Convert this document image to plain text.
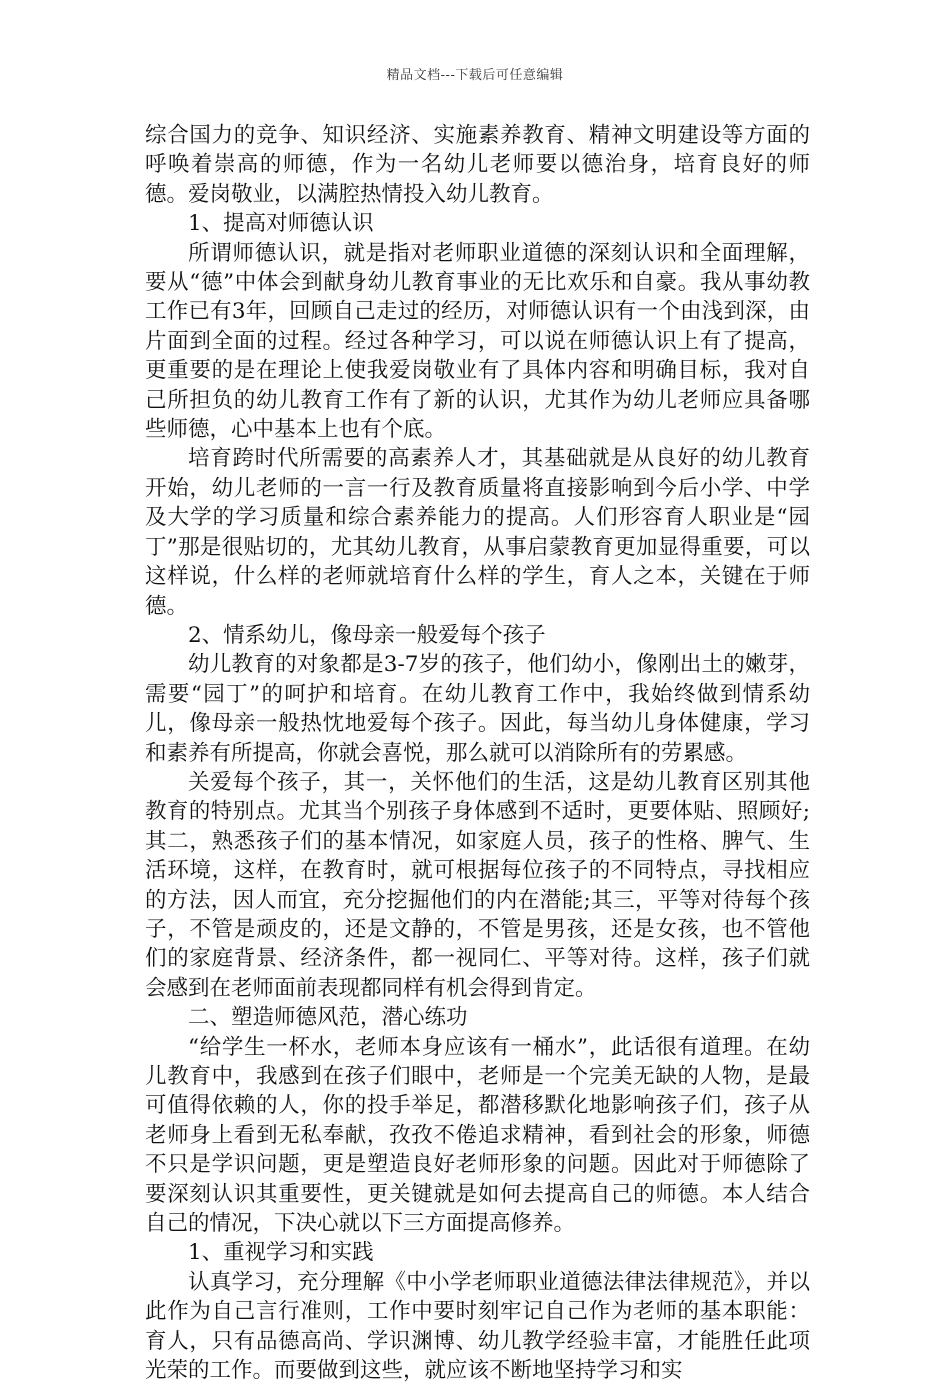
精品文档---下载后可任意编辑

综合国力的竞争、知识经济、实施素养教育、精神文明建设等方面的呼唤着崇高的师德，作为一名幼儿老师要以德治身，培育良好的师德。爱岗敬业，以满腔热情投入幼儿教育。

1、提高对师德认识

所谓师德认识，就是指对老师职业道德的深刻认识和全面理解，要从“德”中体会到献身幼儿教育事业的无比欢乐和自豪。我从事幼教工作已有3年，回顾自己走过的经历，对师德认识有一个由浅到深，由片面到全面的过程。经过各种学习，可以说在师德认识上有了提高，更重要的是在理论上使我爱岗敬业有了具体内容和明确目标，我对自己所担负的幼儿教育工作有了新的认识，尤其作为幼儿老师应具备哪些师德，心中基本上也有个底。

培育跨时代所需要的高素养人才，其基础就是从良好的幼儿教育开始，幼儿老师的一言一行及教育质量将直接影响到今后小学、中学及大学的学习质量和综合素养能力的提高。人们形容育人职业是“园丁”那是很贴切的，尤其幼儿教育，从事启蒙教育更加显得重要，可以这样说，什么样的老师就培育什么样的学生，育人之本，关键在于师德。

2、情系幼儿，像母亲一般爱每个孩子

幼儿教育的对象都是3-7岁的孩子，他们幼小，像刚出土的嫩芽，需要“园丁”的呵护和培育。在幼儿教育工作中，我始终做到情系幼儿，像母亲一般热忱地爱每个孩子。因此，每当幼儿身体健康，学习和素养有所提高，你就会喜悦，那么就可以消除所有的劳累感。

关爱每个孩子，其一，关怀他们的生活，这是幼儿教育区别其他教育的特别点。尤其当个别孩子身体感到不适时，更要体贴、照顾好;其二，熟悉孩子们的基本情况，如家庭人员，孩子的性格、脾气、生活环境，这样，在教育时，就可根据每位孩子的不同特点，寻找相应的方法，因人而宜，充分挖掘他们的内在潜能;其三，平等对待每个孩子，不管是顽皮的，还是文静的，不管是男孩，还是女孩，也不管他们的家庭背景、经济条件，都一视同仁、平等对待。这样，孩子们就会感到在老师面前表现都同样有机会得到肯定。

二、塑造师德风范，潜心练功

“给学生一杯水，老师本身应该有一桶水”，此话很有道理。在幼儿教育中，我感到在孩子们眼中，老师是一个完美无缺的人物，是最可值得依赖的人，你的投手举足，都潜移默化地影响孩子们，孩子从老师身上看到无私奉献，孜孜不倦追求精神，看到社会的形象，师德不只是学识问题，更是塑造良好老师形象的问题。因此对于师德除了要深刻认识其重要性，更关键就是如何去提高自己的师德。本人结合自己的情况，下决心就以下三方面提高修养。

1、重视学习和实践

认真学习，充分理解《中小学老师职业道德法律法律规范》，并以此作为自己言行准则，工作中要时刻牢记自己作为老师的基本职能：育人，只有品德高尚、学识渊博、幼儿教学经验丰富，才能胜任此项光荣的工作。而要做到这些，就应该不断地坚持学习和实
